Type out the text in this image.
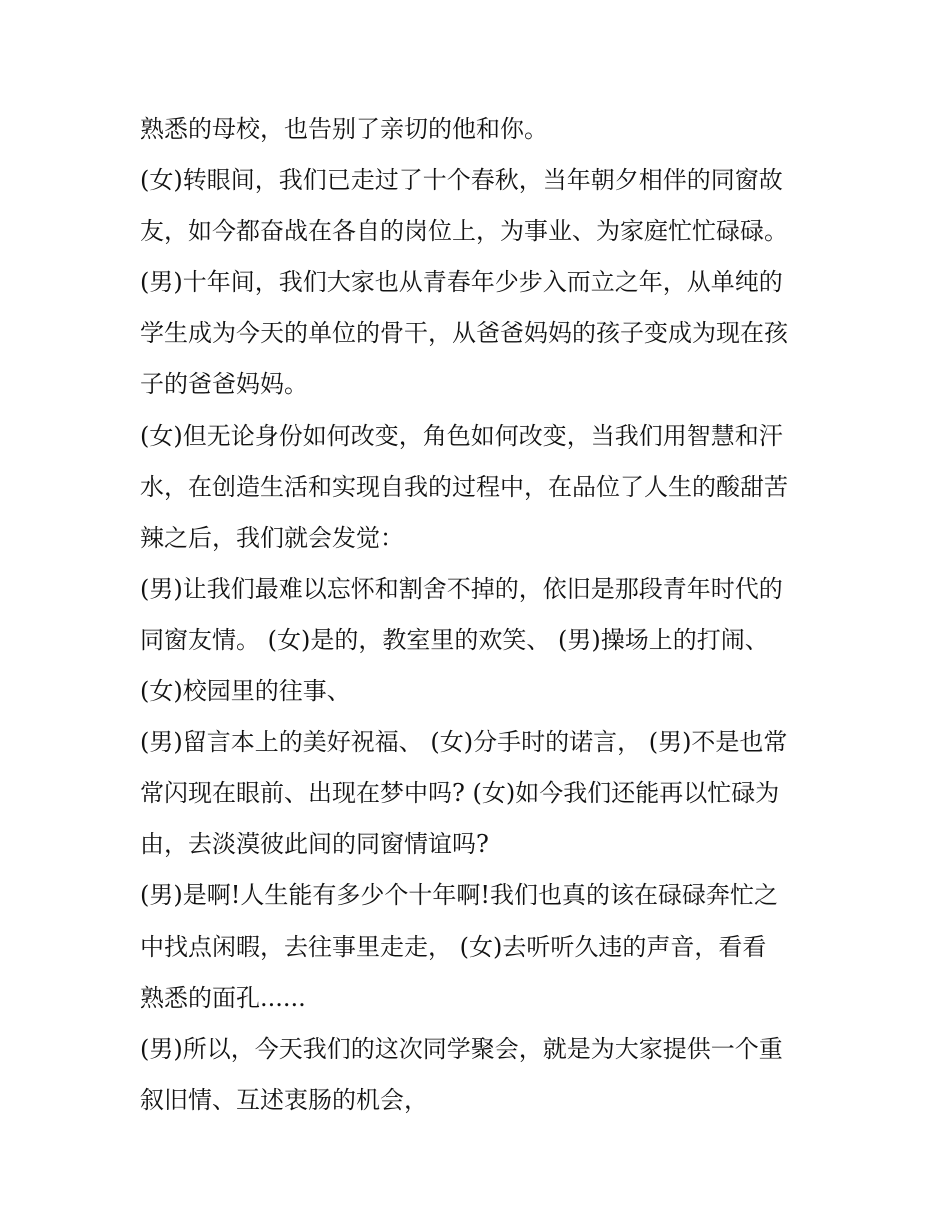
熟悉的母校，也告别了亲切的他和你。
(女)转眼间，我们已走过了十个春秋，当年朝夕相伴的同窗故
友，如今都奋战在各自的岗位上，为事业、为家庭忙忙碌碌。
(男)十年间，我们大家也从青春年少步入而立之年，从单纯的
学生成为今天的单位的骨干，从爸爸妈妈的孩子变成为现在孩
子的爸爸妈妈。
(女)但无论身份如何改变，角色如何改变，当我们用智慧和汗
水，在创造生活和实现自我的过程中，在品位了人生的酸甜苦
辣之后，我们就会发觉：
(男)让我们最难以忘怀和割舍不掉的，依旧是那段青年时代的
同窗友情。 (女)是的，教室里的欢笑、 (男)操场上的打闹、
(女)校园里的往事、
(男)留言本上的美好祝福、 (女)分手时的诺言， (男)不是也常
常闪现在眼前、出现在梦中吗? (女)如今我们还能再以忙碌为
由，去淡漠彼此间的同窗情谊吗?
(男)是啊!人生能有多少个十年啊!我们也真的该在碌碌奔忙之
中找点闲暇，去往事里走走， (女)去听听久违的声音，看看
熟悉的面孔......
(男)所以，今天我们的这次同学聚会，就是为大家提供一个重
叙旧情、互述衷肠的机会，
